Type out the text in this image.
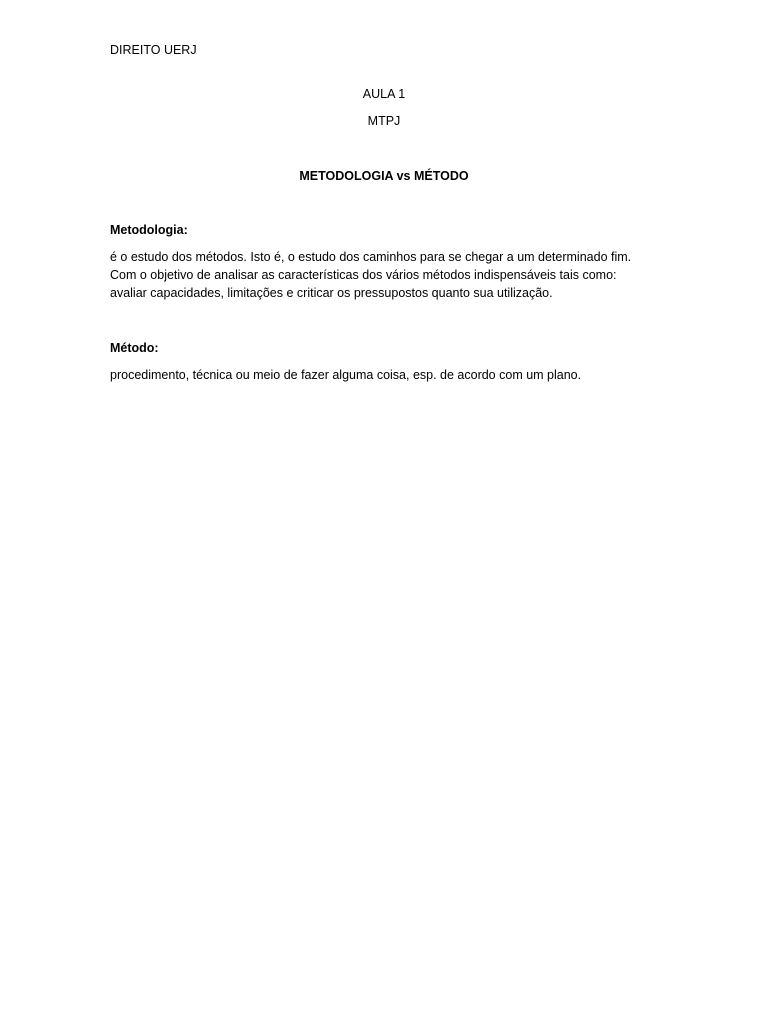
DIREITO UERJ
AULA 1
MTPJ
METODOLOGIA vs MÉTODO
Metodologia:
é o estudo dos métodos. Isto é, o estudo dos caminhos para se chegar a um determinado fim.
Com o objetivo de analisar as características dos vários métodos indispensáveis tais como:
avaliar capacidades, limitações e criticar os pressupostos quanto sua utilização.
Método:
procedimento, técnica ou meio de fazer alguma coisa, esp. de acordo com um plano.
